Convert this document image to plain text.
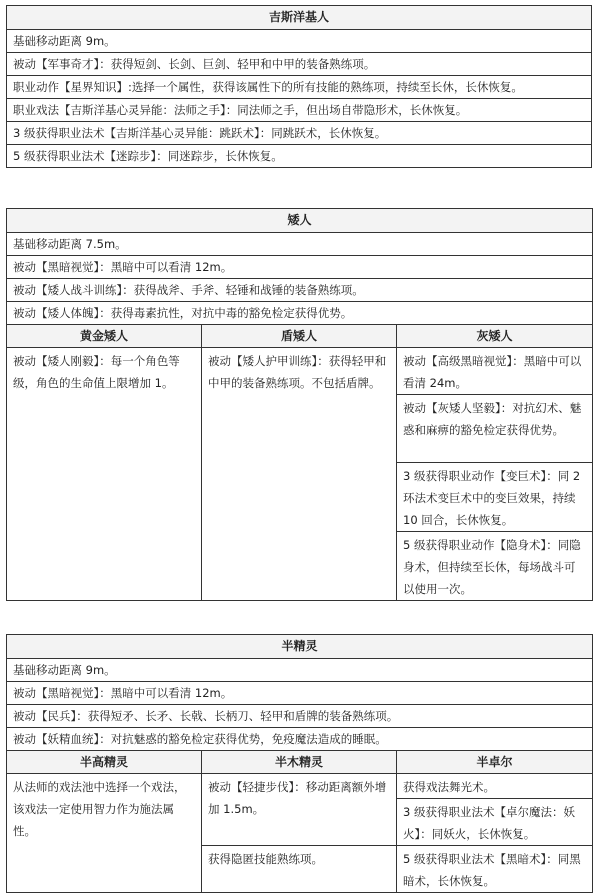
吉斯洋基人
基础移动距离 9m。
被动【军事奇才】：获得短剑、长剑、巨剑、轻甲和中甲的装备熟练项。
职业动作【星界知识】:选择一个属性，获得该属性下的所有技能的熟练项，持续至长休，长休恢复。
职业戏法【吉斯洋基心灵异能：法师之手】：同法师之手，但出场自带隐形术，长休恢复。
3 级获得职业法术【吉斯洋基心灵异能：跳跃术】：同跳跃术，长休恢复。
5 级获得职业法术【迷踪步】：同迷踪步，长休恢复。
矮人		
基础移动距离 7.5m。		
被动【黑暗视觉】：黑暗中可以看清 12m。		
被动【矮人战斗训练】：获得战斧、手斧、轻锤和战锤的装备熟练项。		
被动【矮人体魄】：获得毒素抗性，对抗中毒的豁免检定获得优势。		
黄金矮人	盾矮人	灰矮人

被动【矮人刚毅】：每一个角色等级，角色的生命值上限增加 1。	被动【矮人护甲训练】：获得轻甲和中甲的装备熟练项。不包括盾牌。	被动【高级黑暗视觉】：黑暗中可以看清 24m。

		被动【灰矮人坚毅】：对抗幻术、魅惑和麻痹的豁免检定获得优势。

		3 级获得职业动作【变巨术】：同 2 环法术变巨术中的变巨效果，持续 10 回合，长休恢复。

		5 级获得职业动作【隐身术】：同隐身术，但持续至长休，每场战斗可以使用一次。
半精灵		
基础移动距离 9m。		
被动【黑暗视觉】：黑暗中可以看清 12m。		
被动【民兵】：获得短矛、长矛、长戟、长柄刀、轻甲和盾牌的装备熟练项。		
被动【妖精血统】：对抗魅惑的豁免检定获得优势，免疫魔法造成的睡眠。		
半高精灵	半木精灵	半卓尔

从法师的戏法池中选择一个戏法，该戏法一定使用智力作为施法属性。	被动【轻捷步伐】：移动距离额外增加 1.5m。	获得戏法舞光术。

		3 级获得职业法术【卓尔魔法：妖火】：同妖火，长休恢复。

	获得隐匿技能熟练项。	5 级获得职业法术【黑暗术】：同黑暗术，长休恢复。
